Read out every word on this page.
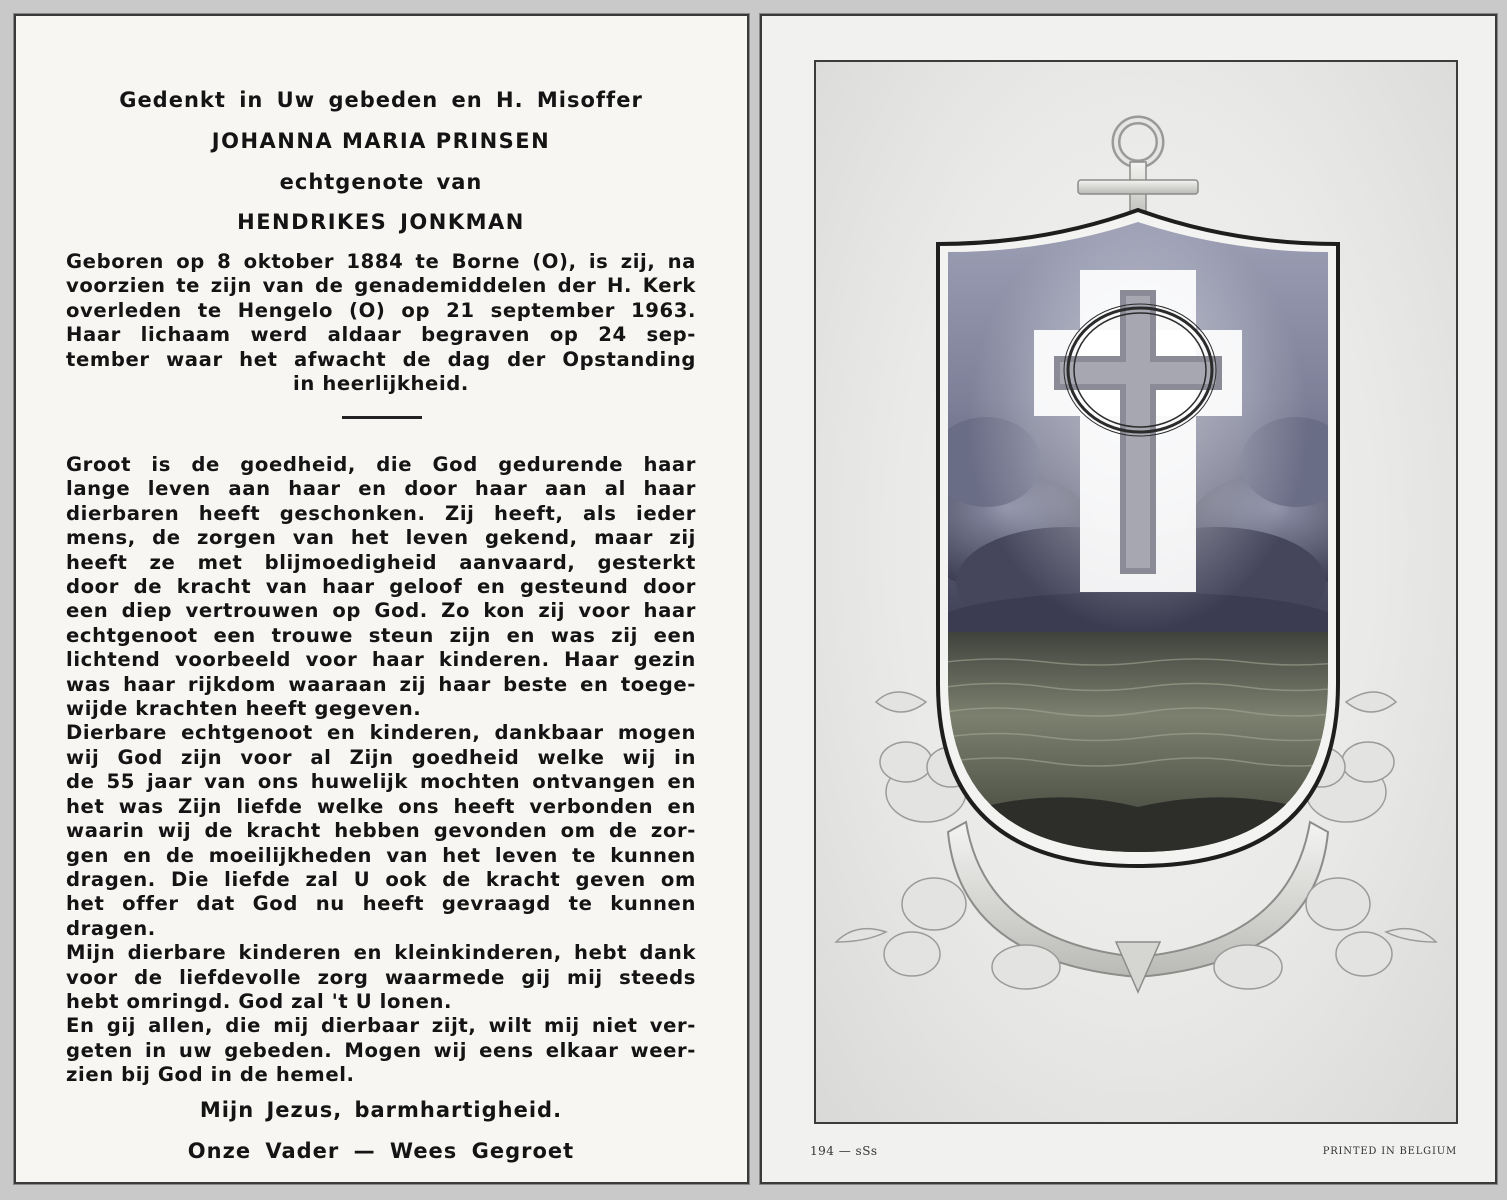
Gedenkt in Uw gebeden en H. Misoffer
JOHANNA MARIA PRINSEN
echtgenote van
HENDRIKES JONKMAN
Geboren op 8 oktober 1884 te Borne (O), is zij, na
voorzien te zijn van de genademiddelen der H. Kerk
overleden te Hengelo (O) op 21 september 1963.
Haar lichaam werd aldaar begraven op 24 sep-
tember waar het afwacht de dag der Opstanding
in heerlijkheid.
Groot is de goedheid, die God gedurende haar
lange leven aan haar en door haar aan al haar
dierbaren heeft geschonken. Zij heeft, als ieder
mens, de zorgen van het leven gekend, maar zij
heeft ze met blijmoedigheid aanvaard, gesterkt
door de kracht van haar geloof en gesteund door
een diep vertrouwen op God. Zo kon zij voor haar
echtgenoot een trouwe steun zijn en was zij een
lichtend voorbeeld voor haar kinderen. Haar gezin
was haar rijkdom waaraan zij haar beste en toege-
wijde krachten heeft gegeven.
Dierbare echtgenoot en kinderen, dankbaar mogen
wij God zijn voor al Zijn goedheid welke wij in
de 55 jaar van ons huwelijk mochten ontvangen en
het was Zijn liefde welke ons heeft verbonden en
waarin wij de kracht hebben gevonden om de zor-
gen en de moeilijkheden van het leven te kunnen
dragen. Die liefde zal U ook de kracht geven om
het offer dat God nu heeft gevraagd te kunnen
dragen.
Mijn dierbare kinderen en kleinkinderen, hebt dank
voor de liefdevolle zorg waarmede gij mij steeds
hebt omringd. God zal 't U lonen.
En gij allen, die mij dierbaar zijt, wilt mij niet ver-
geten in uw gebeden. Mogen wij eens elkaar weer-
zien bij God in de hemel.
Mijn Jezus, barmhartigheid.
Onze Vader — Wees Gegroet	194 — sSs	PRINTED IN BELGIUM
